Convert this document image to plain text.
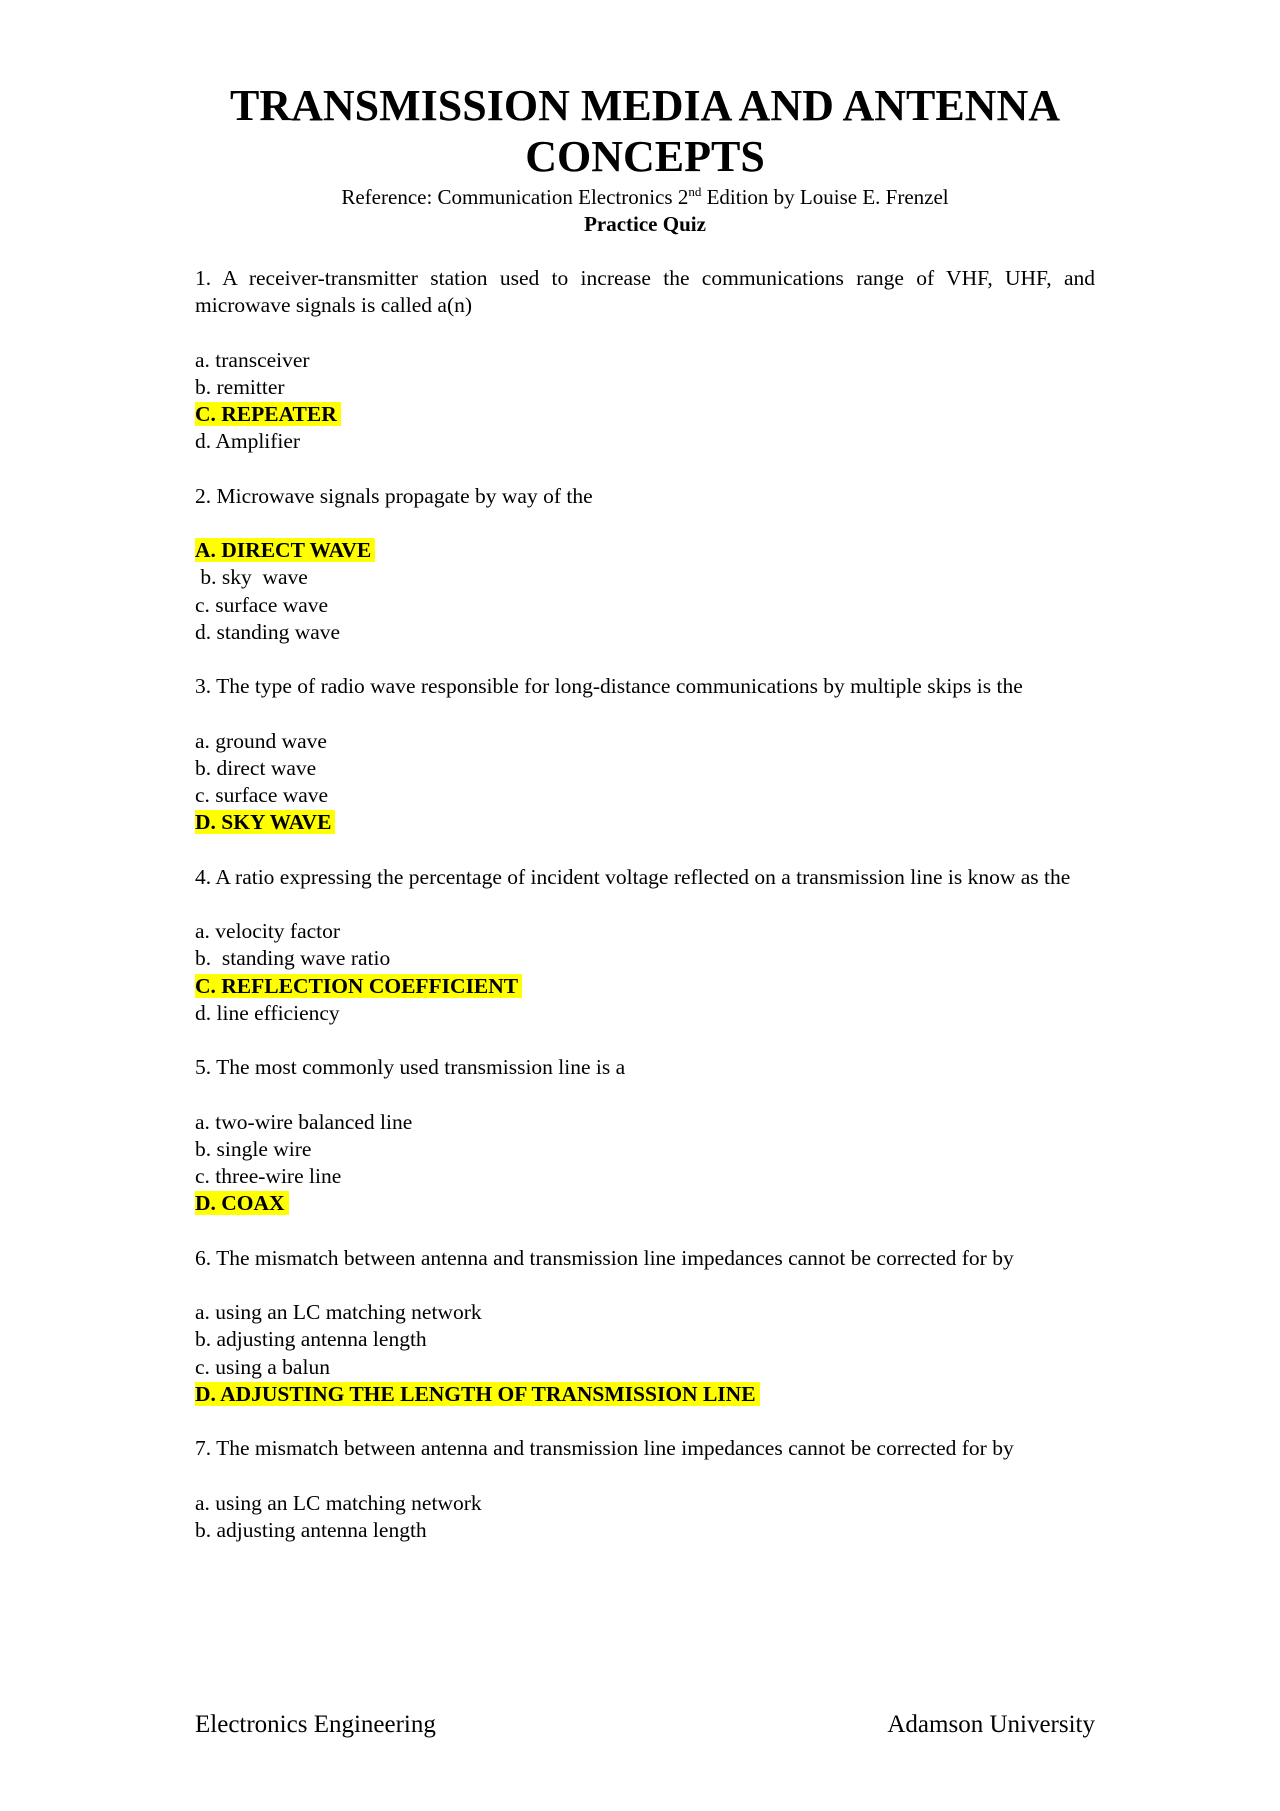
TRANSMISSION MEDIA AND ANTENNA
CONCEPTS
Reference: Communication Electronics 2nd Edition by Louise E. Frenzel
Practice Quiz
1. A receiver-transmitter station used to increase the communications range of VHF, UHF, and microwave signals is called a(n)
a. transceiver
b. remitter
C. REPEATER
d. Amplifier
2. Microwave signals propagate by way of the
A. DIRECT WAVE
b. sky  wave
c. surface wave
d. standing wave
3. The type of radio wave responsible for long-distance communications by multiple skips is the
a. ground wave
b. direct wave
c. surface wave
D. SKY WAVE
4. A ratio expressing the percentage of incident voltage reflected on a transmission line is know as the
a. velocity factor
b.  standing wave ratio
C. REFLECTION COEFFICIENT
d. line efficiency
5. The most commonly used transmission line is a
a. two-wire balanced line
b. single wire
c. three-wire line
D. COAX
6. The mismatch between antenna and transmission line impedances cannot be corrected for by
a. using an LC matching network
b. adjusting antenna length
c. using a balun
D. ADJUSTING THE LENGTH OF TRANSMISSION LINE
7. The mismatch between antenna and transmission line impedances cannot be corrected for by
a. using an LC matching network
b. adjusting antenna length
Electronics Engineering	Adamson University
